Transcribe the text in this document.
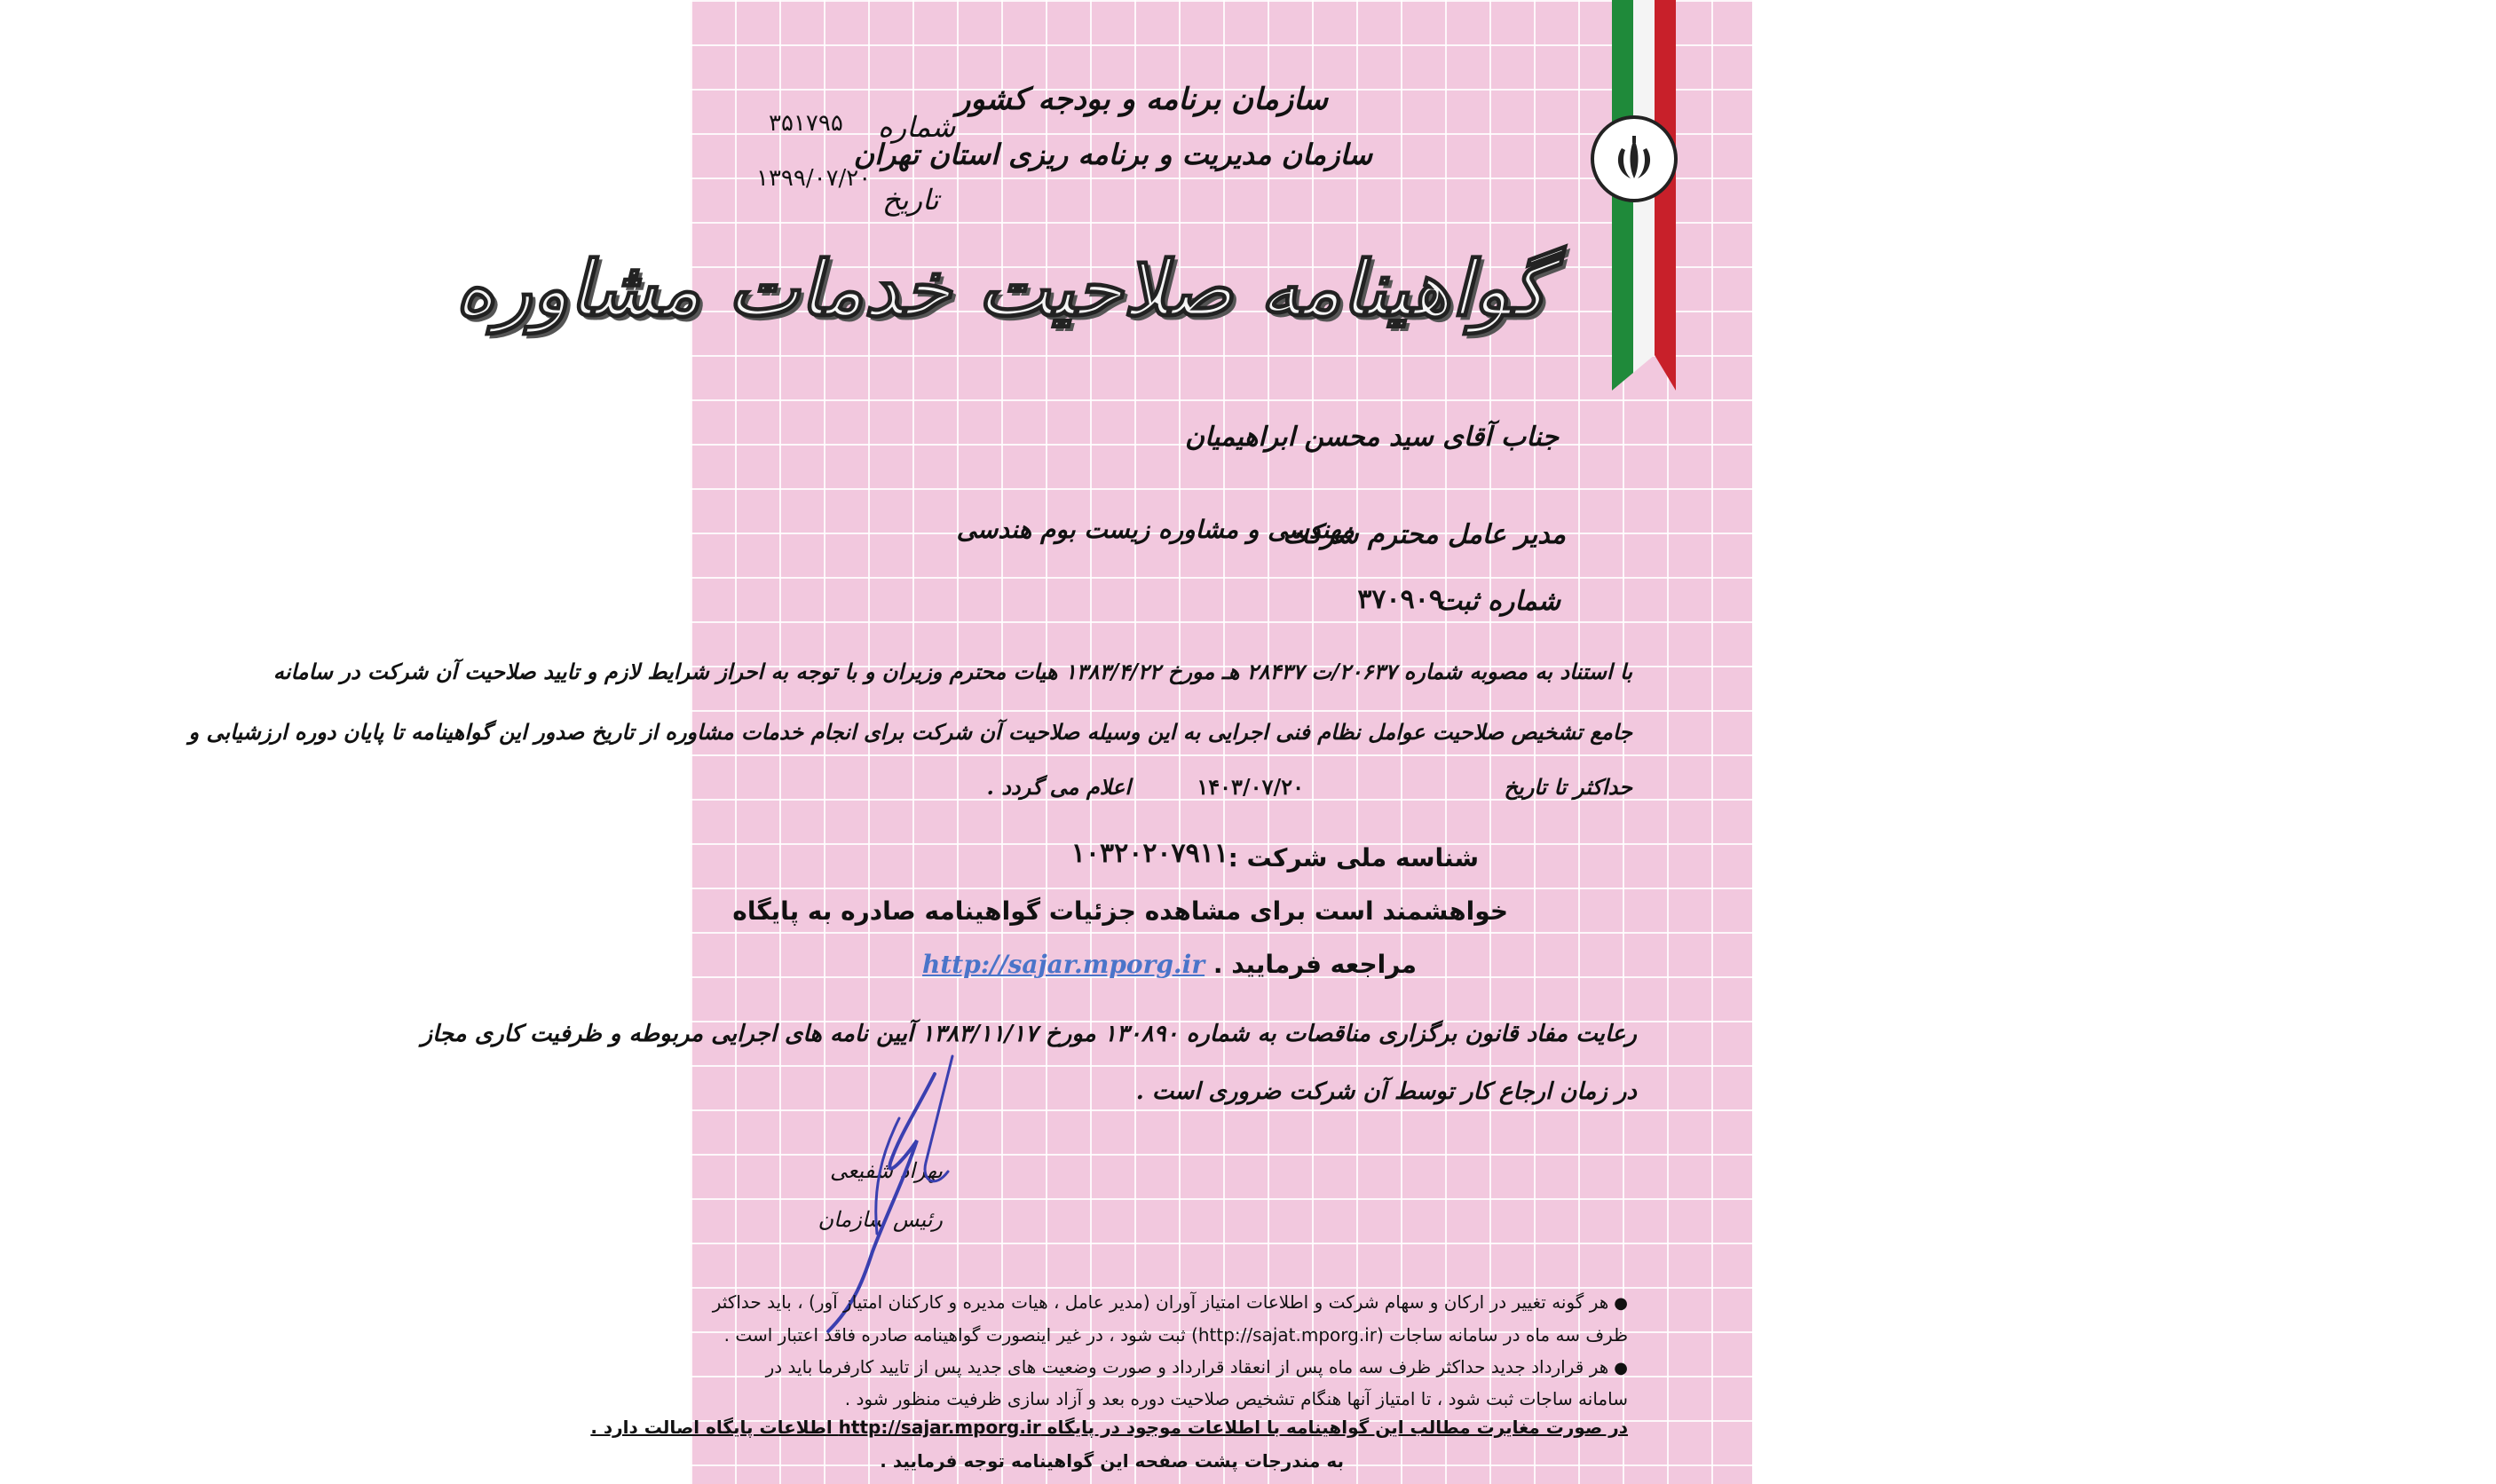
سازمان برنامه و بودجه کشور
سازمان مدیریت و برنامه ریزی استان تهران
شماره
۳۵۱۷۹۵
تاریخ
۱۳۹۹/۰۷/۲۰
گواهینامه صلاحیت خدمات مشاوره
جناب آقای سید محسن ابراهیمیان
مدیر عامل محترم شرکت
مهندسی و مشاوره زیست بوم هندسی
شماره ثبت
۳۷۰۹۰۹
با استناد به مصوبه شماره ۲۰۶۳۷/ت ۲۸۴۳۷ هـ مورخ ۱۳۸۳/۴/۲۲ هیات محترم وزیران و با توجه به احراز شرایط لازم و تایید صلاحیت آن شرکت در سامانه
جامع تشخیص صلاحیت عوامل نظام فنی اجرایی به این وسیله صلاحیت آن شرکت برای انجام خدمات مشاوره از تاریخ صدور این گواهینامه تا پایان دوره ارزشیابی و
حداکثر تا تاریخ
۱۴۰۳/۰۷/۲۰
اعلام می گردد .
شناسه ملی شرکت :
۱۰۳۲۰۲۰۷۹۱۱
خواهشمند است برای مشاهده جزئیات گواهینامه صادره به پایگاه
مراجعه فرمایید . http://sajar.mporg.ir
رعایت مفاد قانون برگزاری مناقصات به شماره ۱۳۰۸۹۰ مورخ ۱۳۸۳/۱۱/۱۷ آیین نامه های اجرایی مربوطه و ظرفیت کاری مجاز
در زمان ارجاع کار توسط آن شرکت ضروری است .
بهزاد شفیعی
رئیس سازمان
●هر گونه تغییر در ارکان و سهام شرکت و اطلاعات امتیاز آوران (مدیر عامل ، هیات مدیره و کارکنان امتیاز آور) ، باید حداکثر
ظرف سه ماه در سامانه ساجات (http://sajat.mporg.ir) ثبت شود ، در غیر اینصورت گواهینامه صادره فاقد اعتبار است .
●هر قرارداد جدید حداکثر ظرف سه ماه پس از انعقاد قرارداد و صورت وضعیت های جدید پس از تایید کارفرما باید در
سامانه ساجات ثبت شود ، تا امتیاز آنها هنگام تشخیص صلاحیت دوره بعد و آزاد سازی ظرفیت منظور شود .
در صورت مغایرت مطالب این گواهینامه با اطلاعات موجود در پایگاه http://sajar.mporg.ir اطلاعات پایگاه اصالت دارد .
به مندرجات پشت صفحه این گواهینامه توجه فرمایید .
